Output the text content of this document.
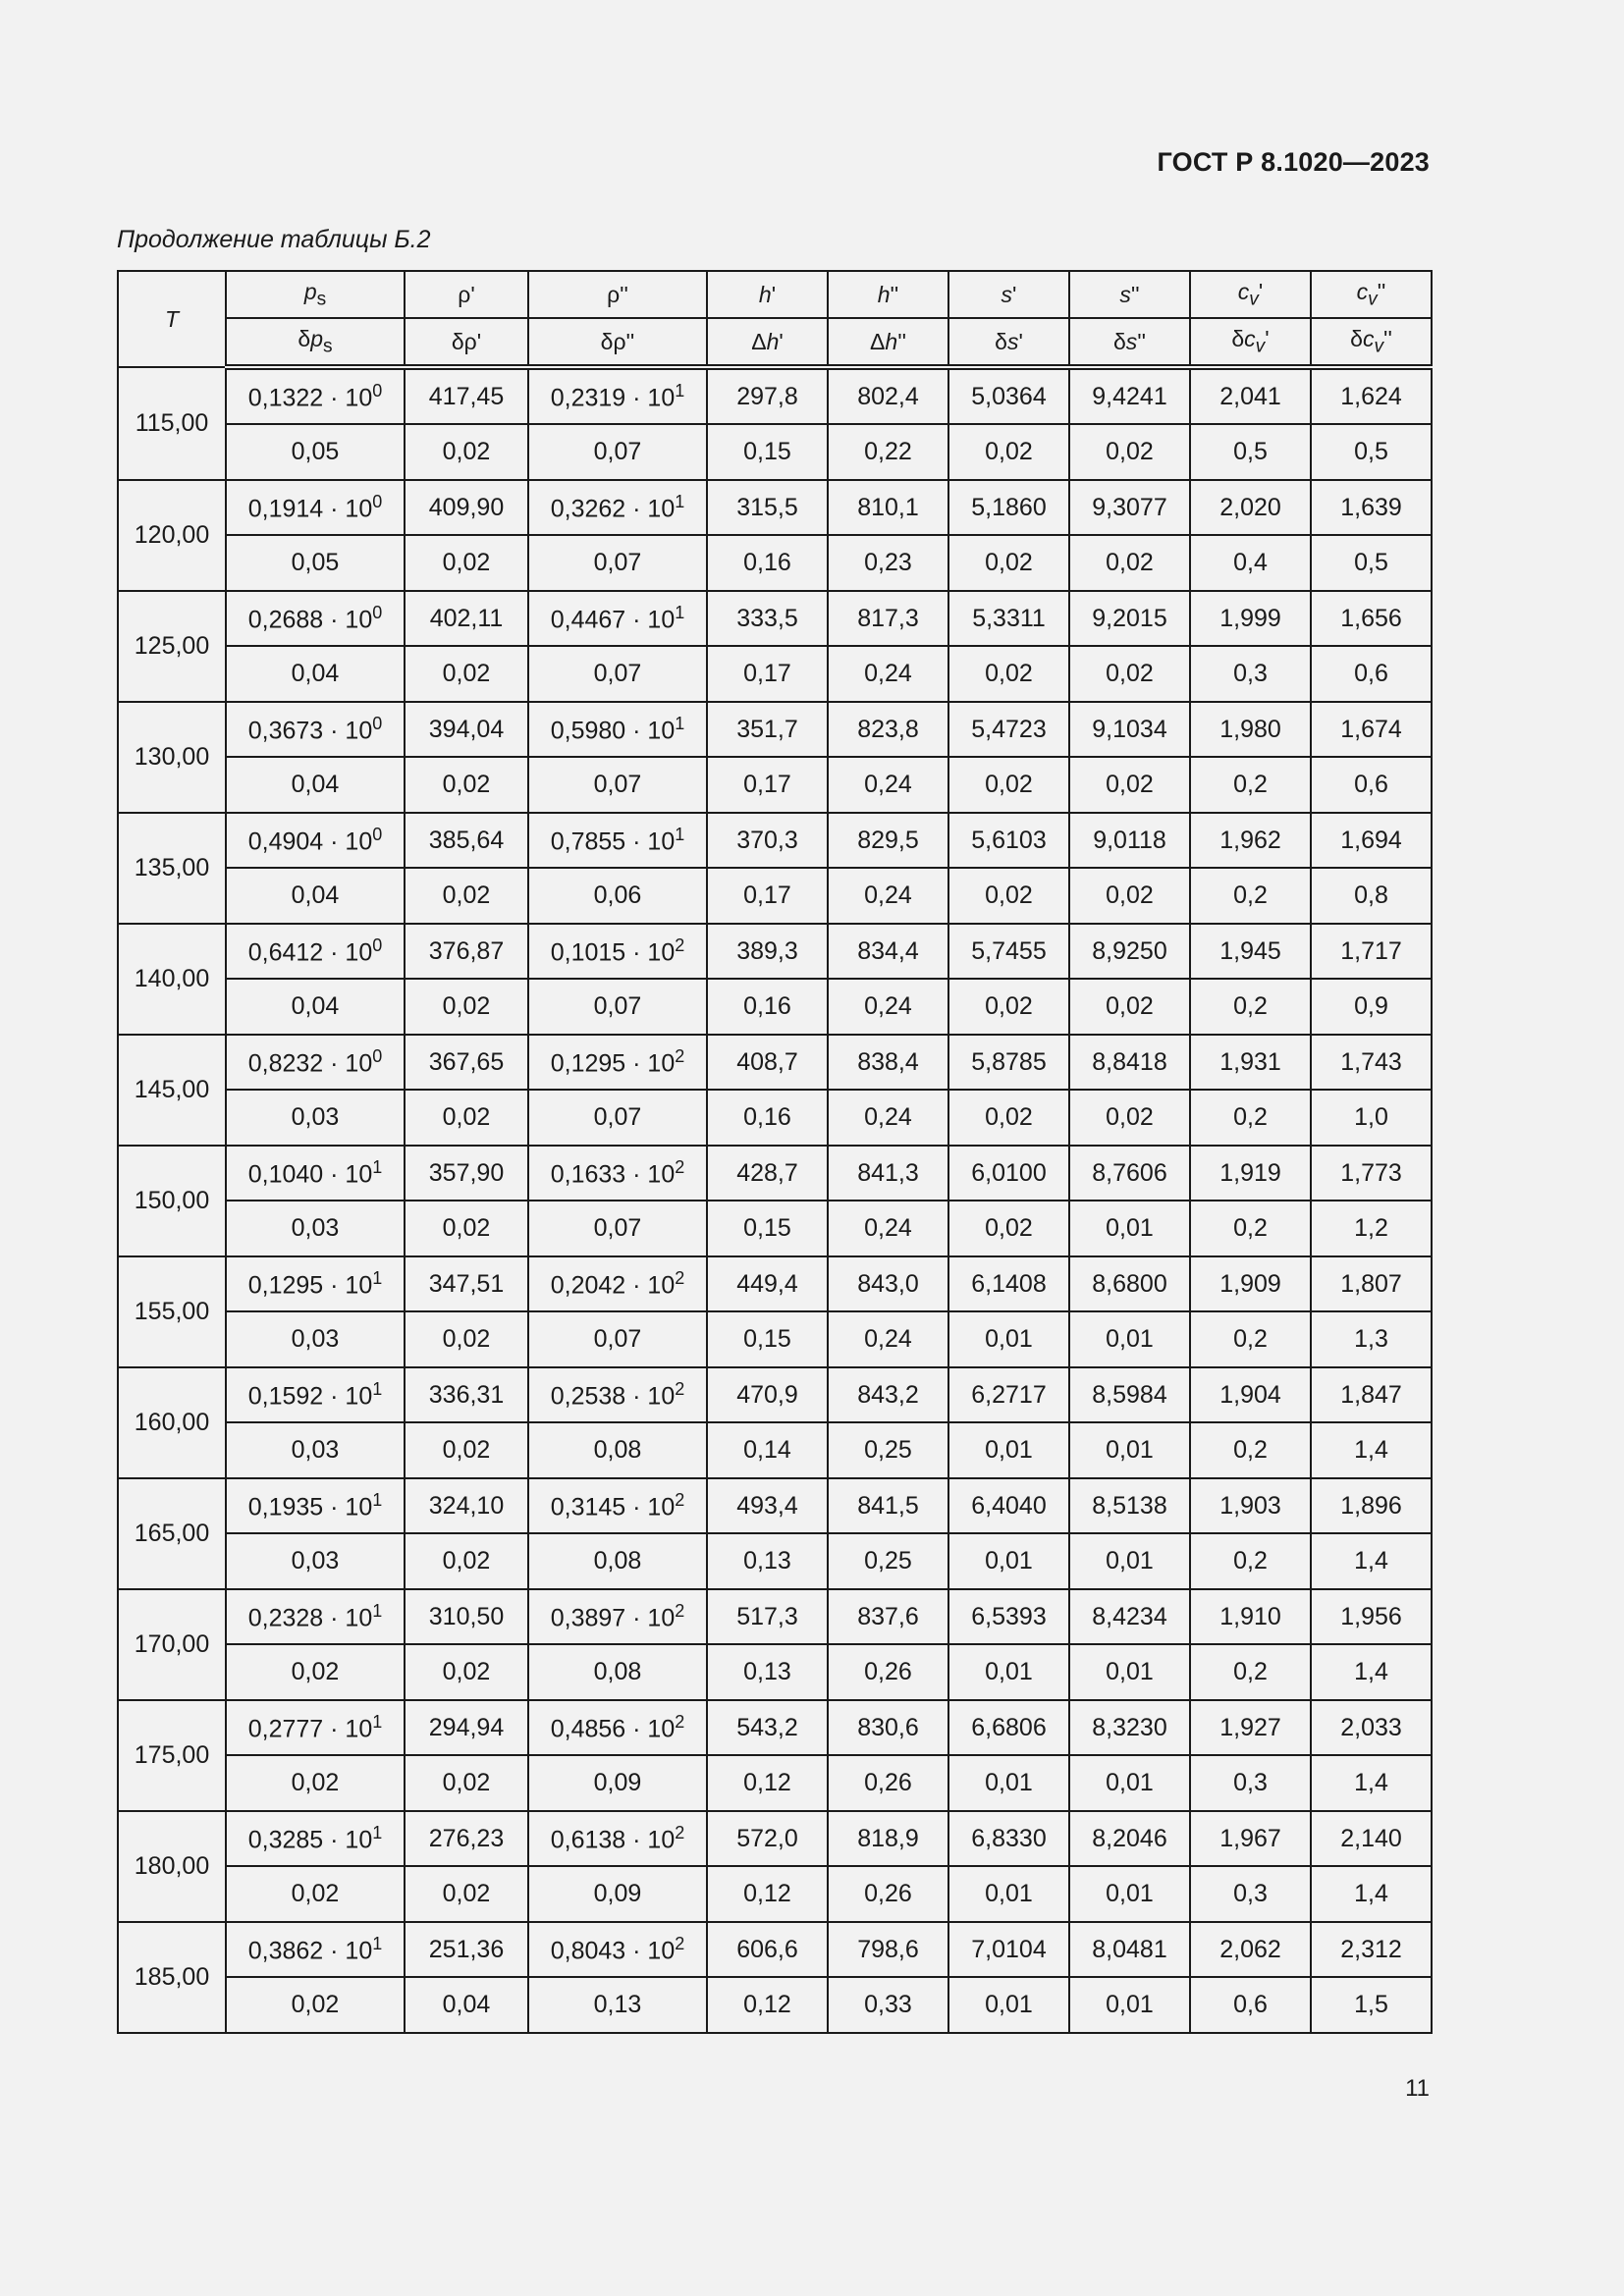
ГОСТ Р 8.1020—2023
Продолжение таблицы Б.2
T	$p_s$	ρ'	ρ''	h'	h''	s'	s''	$c_v'$	$c_v''$
	$\delta p_s$	δρ'	δρ''	Δh'	Δh''	δs'	δs''	$\delta c_v'$	$\delta c_v''$
115,00	$0,1322 \cdot 10^0$	417,45	$0,2319 \cdot 10^1$	297,8	802,4	5,0364	9,4241	2,041	1,624
	0,05	0,02	0,07	0,15	0,22	0,02	0,02	0,5	0,5
120,00	$0,1914 \cdot 10^0$	409,90	$0,3262 \cdot 10^1$	315,5	810,1	5,1860	9,3077	2,020	1,639
	0,05	0,02	0,07	0,16	0,23	0,02	0,02	0,4	0,5
125,00	$0,2688 \cdot 10^0$	402,11	$0,4467 \cdot 10^1$	333,5	817,3	5,3311	9,2015	1,999	1,656
	0,04	0,02	0,07	0,17	0,24	0,02	0,02	0,3	0,6
130,00	$0,3673 \cdot 10^0$	394,04	$0,5980 \cdot 10^1$	351,7	823,8	5,4723	9,1034	1,980	1,674
	0,04	0,02	0,07	0,17	0,24	0,02	0,02	0,2	0,6
135,00	$0,4904 \cdot 10^0$	385,64	$0,7855 \cdot 10^1$	370,3	829,5	5,6103	9,0118	1,962	1,694
	0,04	0,02	0,06	0,17	0,24	0,02	0,02	0,2	0,8
140,00	$0,6412 \cdot 10^0$	376,87	$0,1015 \cdot 10^2$	389,3	834,4	5,7455	8,9250	1,945	1,717
	0,04	0,02	0,07	0,16	0,24	0,02	0,02	0,2	0,9
145,00	$0,8232 \cdot 10^0$	367,65	$0,1295 \cdot 10^2$	408,7	838,4	5,8785	8,8418	1,931	1,743
	0,03	0,02	0,07	0,16	0,24	0,02	0,02	0,2	1,0
150,00	$0,1040 \cdot 10^1$	357,90	$0,1633 \cdot 10^2$	428,7	841,3	6,0100	8,7606	1,919	1,773
	0,03	0,02	0,07	0,15	0,24	0,02	0,01	0,2	1,2
155,00	$0,1295 \cdot 10^1$	347,51	$0,2042 \cdot 10^2$	449,4	843,0	6,1408	8,6800	1,909	1,807
	0,03	0,02	0,07	0,15	0,24	0,01	0,01	0,2	1,3
160,00	$0,1592 \cdot 10^1$	336,31	$0,2538 \cdot 10^2$	470,9	843,2	6,2717	8,5984	1,904	1,847
	0,03	0,02	0,08	0,14	0,25	0,01	0,01	0,2	1,4
165,00	$0,1935 \cdot 10^1$	324,10	$0,3145 \cdot 10^2$	493,4	841,5	6,4040	8,5138	1,903	1,896
	0,03	0,02	0,08	0,13	0,25	0,01	0,01	0,2	1,4
170,00	$0,2328 \cdot 10^1$	310,50	$0,3897 \cdot 10^2$	517,3	837,6	6,5393	8,4234	1,910	1,956
	0,02	0,02	0,08	0,13	0,26	0,01	0,01	0,2	1,4
175,00	$0,2777 \cdot 10^1$	294,94	$0,4856 \cdot 10^2$	543,2	830,6	6,6806	8,3230	1,927	2,033
	0,02	0,02	0,09	0,12	0,26	0,01	0,01	0,3	1,4
180,00	$0,3285 \cdot 10^1$	276,23	$0,6138 \cdot 10^2$	572,0	818,9	6,8330	8,2046	1,967	2,140
	0,02	0,02	0,09	0,12	0,26	0,01	0,01	0,3	1,4
185,00	$0,3862 \cdot 10^1$	251,36	$0,8043 \cdot 10^2$	606,6	798,6	7,0104	8,0481	2,062	2,312
	0,02	0,04	0,13	0,12	0,33	0,01	0,01	0,6	1,5
11
